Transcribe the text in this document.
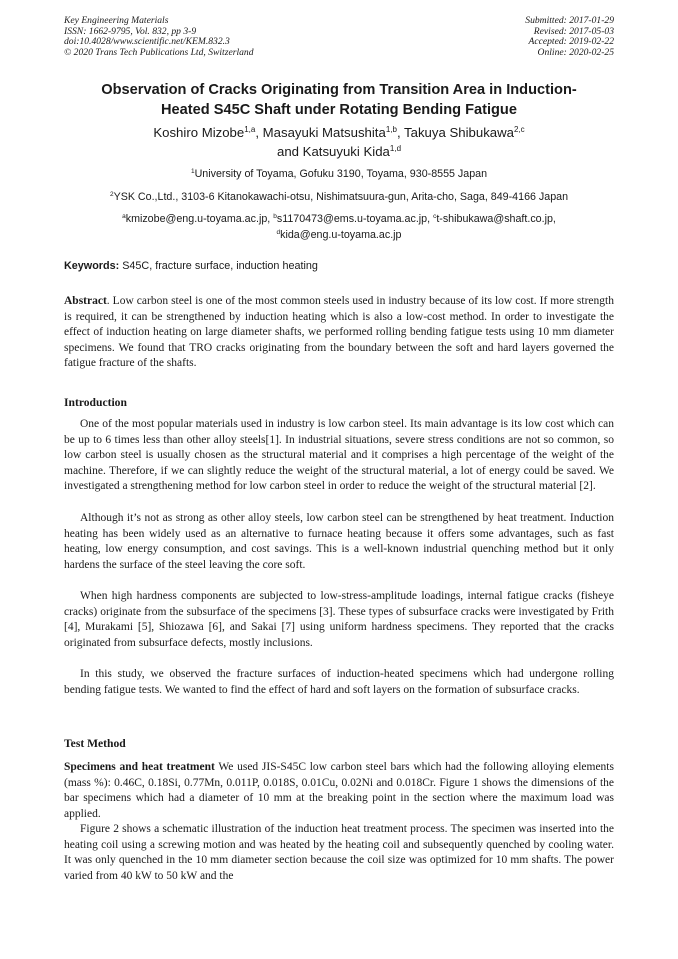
Key Engineering Materials
ISSN: 1662-9795, Vol. 832, pp 3-9
doi:10.4028/www.scientific.net/KEM.832.3
© 2020 Trans Tech Publications Ltd, Switzerland
Submitted: 2017-01-29
Revised: 2017-05-03
Accepted: 2019-02-22
Online: 2020-02-25
Observation of Cracks Originating from Transition Area in Induction-
Heated S45C Shaft under Rotating Bending Fatigue
Koshiro Mizobe$^{1,a}$, Masayuki Matsushita$^{1,b}$, Takuya Shibukawa$^{2,c}$
and Katsuyuki Kida$^{1,d}$
$^1$University of Toyama, Gofuku 3190, Toyama, 930-8555 Japan
$^2$YSK Co.,Ltd., 3103-6 Kitanokawachi-otsu, Nishimatsuura-gun, Arita-cho, Saga, 849-4166 Japan
$^a$kmizobe@eng.u-toyama.ac.jp, $^b$s1170473@ems.u-toyama.ac.jp, $^c$t-shibukawa@shaft.co.jp,
$^d$kida@eng.u-toyama.ac.jp
Keywords: S45C, fracture surface, induction heating

Abstract. Low carbon steel is one of the most common steels used in industry because of its low cost. If more strength is required, it can be strengthened by induction heating which is also a low-cost method. In order to investigate the effect of induction heating on large diameter shafts, we performed rolling bending fatigue tests using 10 mm diameter specimens. We found that TRO cracks originating from the boundary between the soft and hard layers governed the fatigue fracture of the shafts.

Introduction

One of the most popular materials used in industry is low carbon steel. Its main advantage is its low cost which can be up to 6 times less than other alloy steels[1]. In industrial situations, severe stress conditions are not so common, so low carbon steel is usually chosen as the structural material and it comprises a high percentage of the weight of the machine. Therefore, if we can slightly reduce the weight of the structural material, a lot of energy could be saved. We investigated a strengthening method for low carbon steel in order to reduce the weight of the structural material [2].

Although it’s not as strong as other alloy steels, low carbon steel can be strengthened by heat treatment. Induction heating has been widely used as an alternative to furnace heating because it offers some advantages, such as fast heating, low energy consumption, and cost savings. This is a well-known industrial quenching method but it only hardens the surface of the steel leaving the core soft.

When high hardness components are subjected to low-stress-amplitude loadings, internal fatigue cracks (fisheye cracks) originate from the subsurface of the specimens [3]. These types of subsurface cracks were investigated by Frith [4], Murakami [5], Shiozawa [6], and Sakai [7] using uniform hardness specimens. They reported that the cracks originated from subsurface defects, mostly inclusions.

In this study, we observed the fracture surfaces of induction-heated specimens which had undergone rolling bending fatigue tests. We wanted to find the effect of hard and soft layers on the formation of subsurface cracks.

Test Method

Specimens and heat treatment We used JIS-S45C low carbon steel bars which had the following alloying elements (mass %): 0.46C, 0.18Si, 0.77Mn, 0.011P, 0.018S, 0.01Cu, 0.02Ni and 0.018Cr. Figure 1 shows the dimensions of the bar specimens which had a diameter of 10 mm at the breaking point in the section where the maximum load was applied.

Figure 2 shows a schematic illustration of the induction heat treatment process. The specimen was inserted into the heating coil using a screwing motion and was heated by the heating coil and subsequently quenched by cooling water. It was only quenched in the 10 mm diameter section because the coil size was optimized for 10 mm shafts. The power varied from 40 kW to 50 kW and the
